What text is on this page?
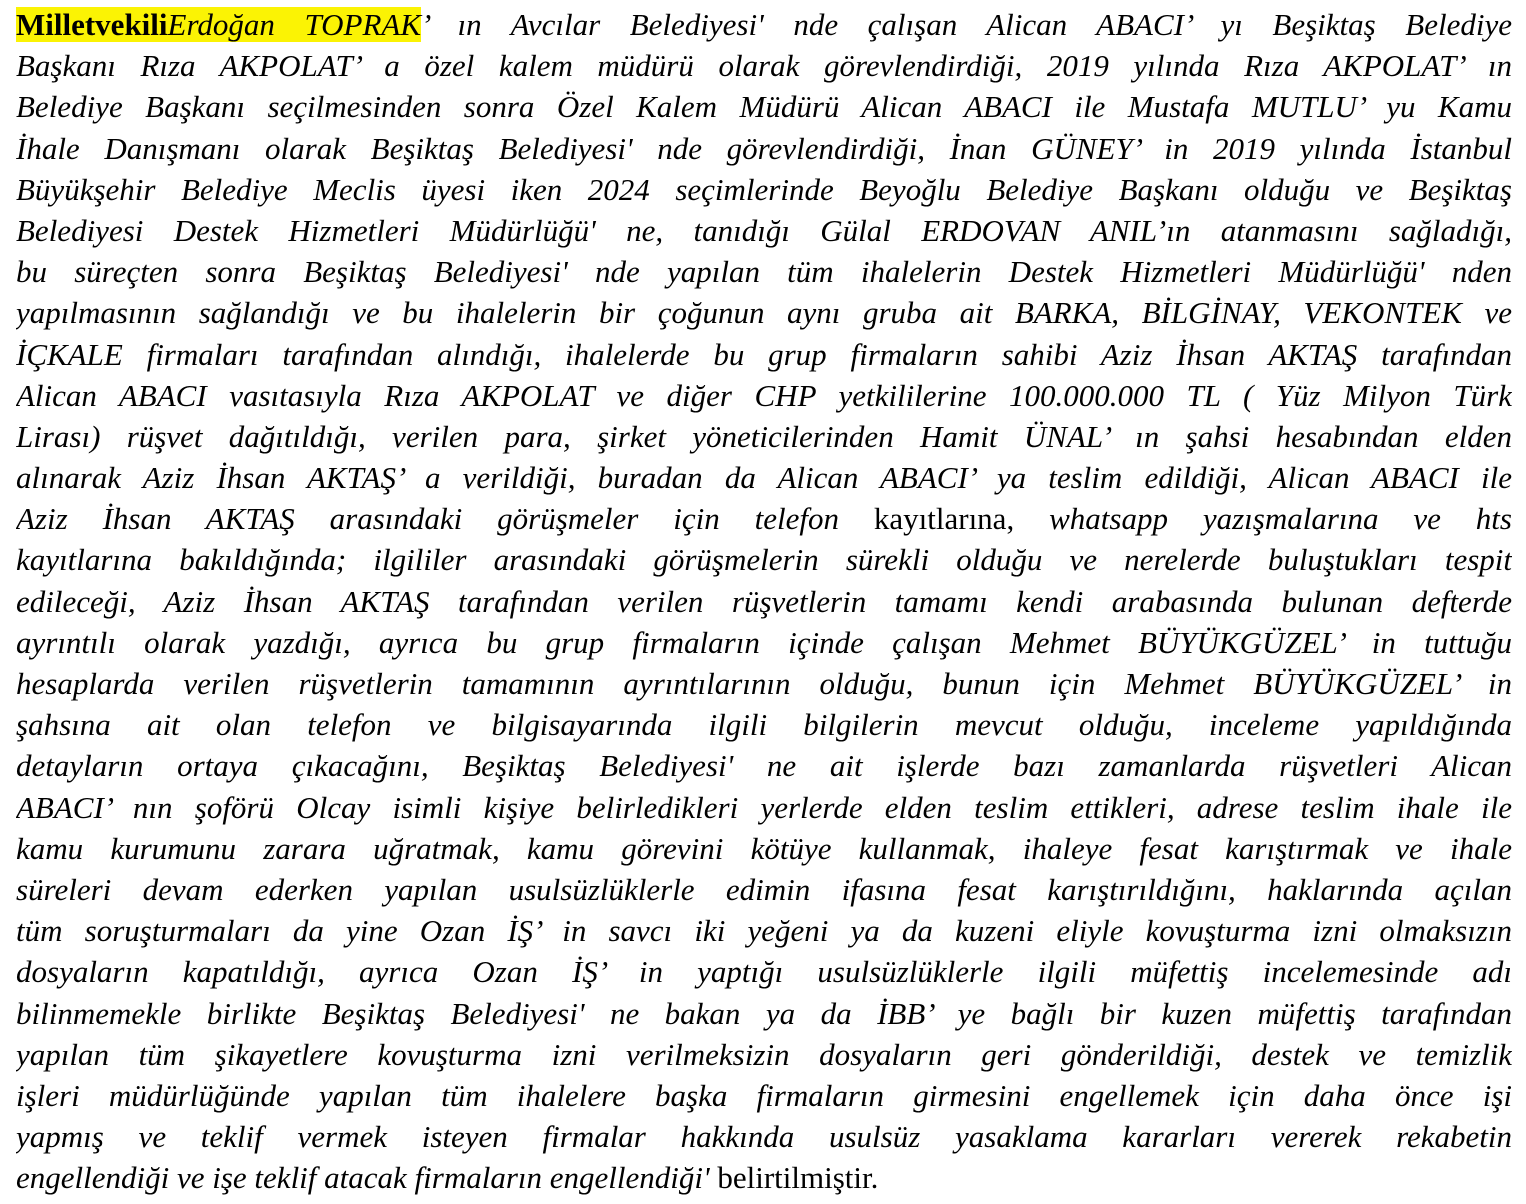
MilletvekiliErdoğan TOPRAK’ ın Avcılar Belediyesi' nde çalışan Alican ABACI’ yı Beşiktaş Belediye
Başkanı Rıza AKPOLAT’ a özel kalem müdürü olarak görevlendirdiği, 2019 yılında Rıza AKPOLAT’ ın
Belediye Başkanı seçilmesinden sonra Özel Kalem Müdürü Alican ABACI ile Mustafa MUTLU’ yu Kamu
İhale Danışmanı olarak Beşiktaş Belediyesi' nde görevlendirdiği, İnan GÜNEY’ in 2019 yılında İstanbul
Büyükşehir Belediye Meclis üyesi iken 2024 seçimlerinde Beyoğlu Belediye Başkanı olduğu ve Beşiktaş
Belediyesi Destek Hizmetleri Müdürlüğü' ne, tanıdığı Gülal ERDOVAN ANIL’ın atanmasını sağladığı,
bu süreçten sonra Beşiktaş Belediyesi' nde yapılan tüm ihalelerin Destek Hizmetleri Müdürlüğü' nden
yapılmasının sağlandığı ve bu ihalelerin bir çoğunun aynı gruba ait BARKA, BİLGİNAY, VEKONTEK ve
İÇKALE firmaları tarafından alındığı, ihalelerde bu grup firmaların sahibi Aziz İhsan AKTAŞ tarafından
Alican ABACI vasıtasıyla Rıza AKPOLAT ve diğer CHP yetkililerine 100.000.000 TL ( Yüz Milyon Türk
Lirası) rüşvet dağıtıldığı, verilen para, şirket yöneticilerinden Hamit ÜNAL’ ın şahsi hesabından elden
alınarak Aziz İhsan AKTAŞ’ a verildiği, buradan da Alican ABACI’ ya teslim edildiği, Alican ABACI ile
Aziz İhsan AKTAŞ arasındaki görüşmeler için telefon kayıtlarına, whatsapp yazışmalarına ve hts
kayıtlarına bakıldığında; ilgililer arasındaki görüşmelerin sürekli olduğu ve nerelerde buluştukları tespit
edileceği, Aziz İhsan AKTAŞ tarafından verilen rüşvetlerin tamamı kendi arabasında bulunan defterde
ayrıntılı olarak yazdığı, ayrıca bu grup firmaların içinde çalışan Mehmet BÜYÜKGÜZEL’ in tuttuğu
hesaplarda verilen rüşvetlerin tamamının ayrıntılarının olduğu, bunun için Mehmet BÜYÜKGÜZEL’ in
şahsına ait olan telefon ve bilgisayarında ilgili bilgilerin mevcut olduğu, inceleme yapıldığında
detayların ortaya çıkacağını, Beşiktaş Belediyesi' ne ait işlerde bazı zamanlarda rüşvetleri Alican
ABACI’ nın şoförü Olcay isimli kişiye belirledikleri yerlerde elden teslim ettikleri, adrese teslim ihale ile
kamu kurumunu zarara uğratmak, kamu görevini kötüye kullanmak, ihaleye fesat karıştırmak ve ihale
süreleri devam ederken yapılan usulsüzlüklerle edimin ifasına fesat karıştırıldığını, haklarında açılan
tüm soruşturmaları da yine Ozan İŞ’ in savcı iki yeğeni ya da kuzeni eliyle kovuşturma izni olmaksızın
dosyaların kapatıldığı, ayrıca Ozan İŞ’ in yaptığı usulsüzlüklerle ilgili müfettiş incelemesinde adı
bilinmemekle birlikte Beşiktaş Belediyesi' ne bakan ya da İBB’ ye bağlı bir kuzen müfettiş tarafından
yapılan tüm şikayetlere kovuşturma izni verilmeksizin dosyaların geri gönderildiği, destek ve temizlik
işleri müdürlüğünde yapılan tüm ihalelere başka firmaların girmesini engellemek için daha önce işi
yapmış ve teklif vermek isteyen firmalar hakkında usulsüz yasaklama kararları vererek rekabetin
engellendiği ve işe teklif atacak firmaların engellendiği' belirtilmiştir.
